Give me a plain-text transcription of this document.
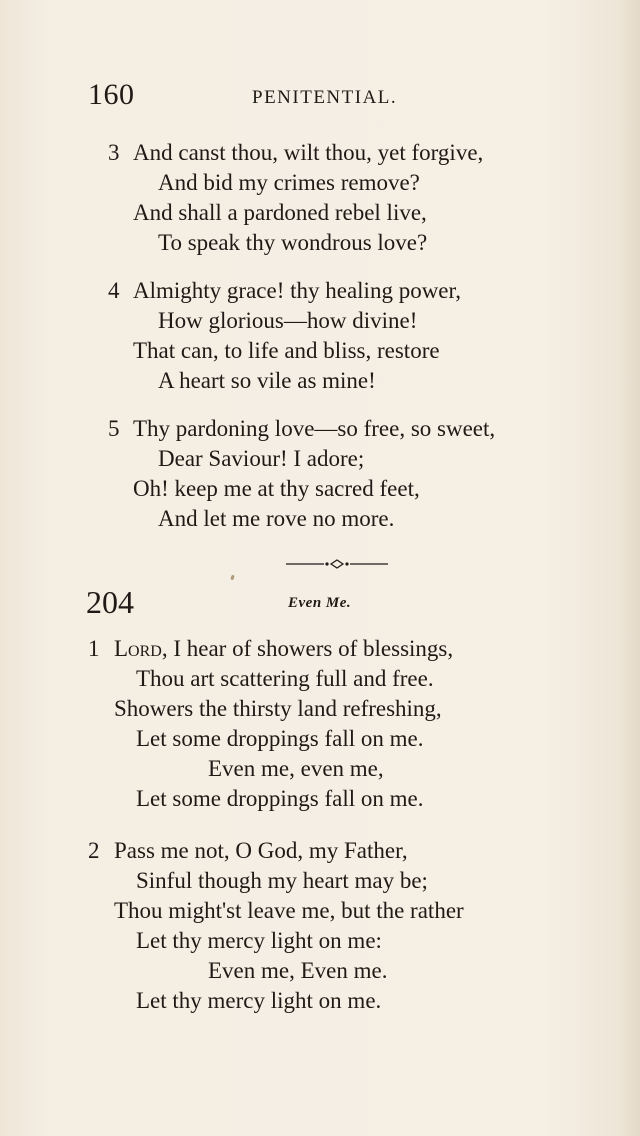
160	PENITENTIAL.
3 And canst thou, wilt thou, yet forgive,
And bid my crimes remove?
And shall a pardoned rebel live,
To speak thy wondrous love?
4 Almighty grace! thy healing power,
How glorious—how divine!
That can, to life and bliss, restore
A heart so vile as mine!
5 Thy pardoning love—so free, so sweet,
Dear Saviour! I adore;
Oh! keep me at thy sacred feet,
And let me rove no more.
204	Even Me.
1 Lord, I hear of showers of blessings,
Thou art scattering full and free.
Showers the thirsty land refreshing,
Let some droppings fall on me.
Even me, even me,
Let some droppings fall on me.
2 Pass me not, O God, my Father,
Sinful though my heart may be;
Thou might'st leave me, but the rather
Let thy mercy light on me:
Even me, Even me.
Let thy mercy light on me.
